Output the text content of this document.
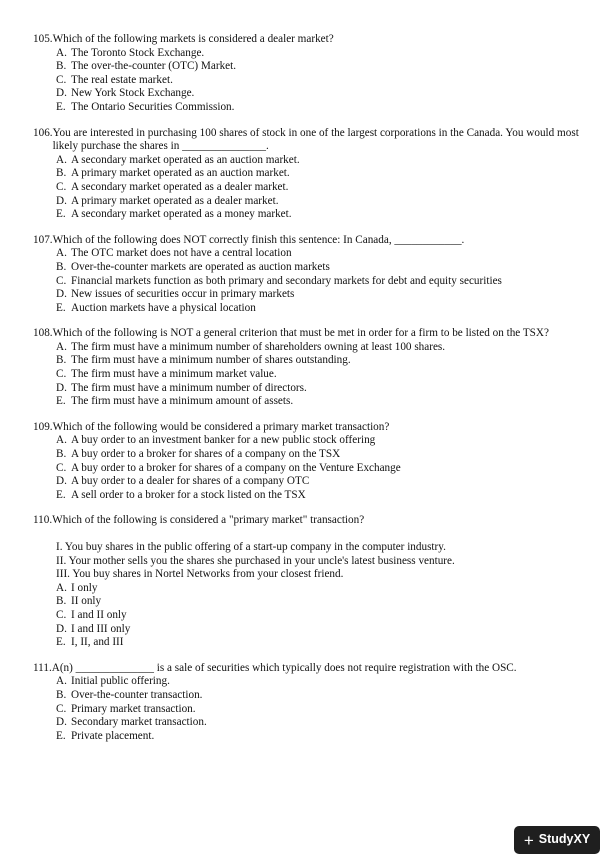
105. Which of the following markets is considered a dealer market?
A. The Toronto Stock Exchange.
B. The over-the-counter (OTC) Market.
C. The real estate market.
D. New York Stock Exchange.
E. The Ontario Securities Commission.
106. You are interested in purchasing 100 shares of stock in one of the largest corporations in the Canada. You would most likely purchase the shares in _______________.
A. A secondary market operated as an auction market.
B. A primary market operated as an auction market.
C. A secondary market operated as a dealer market.
D. A primary market operated as a dealer market.
E. A secondary market operated as a money market.
107. Which of the following does NOT correctly finish this sentence: In Canada, ____________.
A. The OTC market does not have a central location
B. Over-the-counter markets are operated as auction markets
C. Financial markets function as both primary and secondary markets for debt and equity securities
D. New issues of securities occur in primary markets
E. Auction markets have a physical location
108. Which of the following is NOT a general criterion that must be met in order for a firm to be listed on the TSX?
A. The firm must have a minimum number of shareholders owning at least 100 shares.
B. The firm must have a minimum number of shares outstanding.
C. The firm must have a minimum market value.
D. The firm must have a minimum number of directors.
E. The firm must have a minimum amount of assets.
109. Which of the following would be considered a primary market transaction?
A. A buy order to an investment banker for a new public stock offering
B. A buy order to a broker for shares of a company on the TSX
C. A buy order to a broker for shares of a company on the Venture Exchange
D. A buy order to a dealer for shares of a company OTC
E. A sell order to a broker for a stock listed on the TSX
110. Which of the following is considered a "primary market" transaction?
I. You buy shares in the public offering of a start-up company in the computer industry.
II. Your mother sells you the shares she purchased in your uncle's latest business venture.
III. You buy shares in Nortel Networks from your closest friend.
A. I only
B. II only
C. I and II only
D. I and III only
E. I, II, and III
111. A(n) ______________ is a sale of securities which typically does not require registration with the OSC.
A. Initial public offering.
B. Over-the-counter transaction.
C. Primary market transaction.
D. Secondary market transaction.
E. Private placement.
+ StudyXY
